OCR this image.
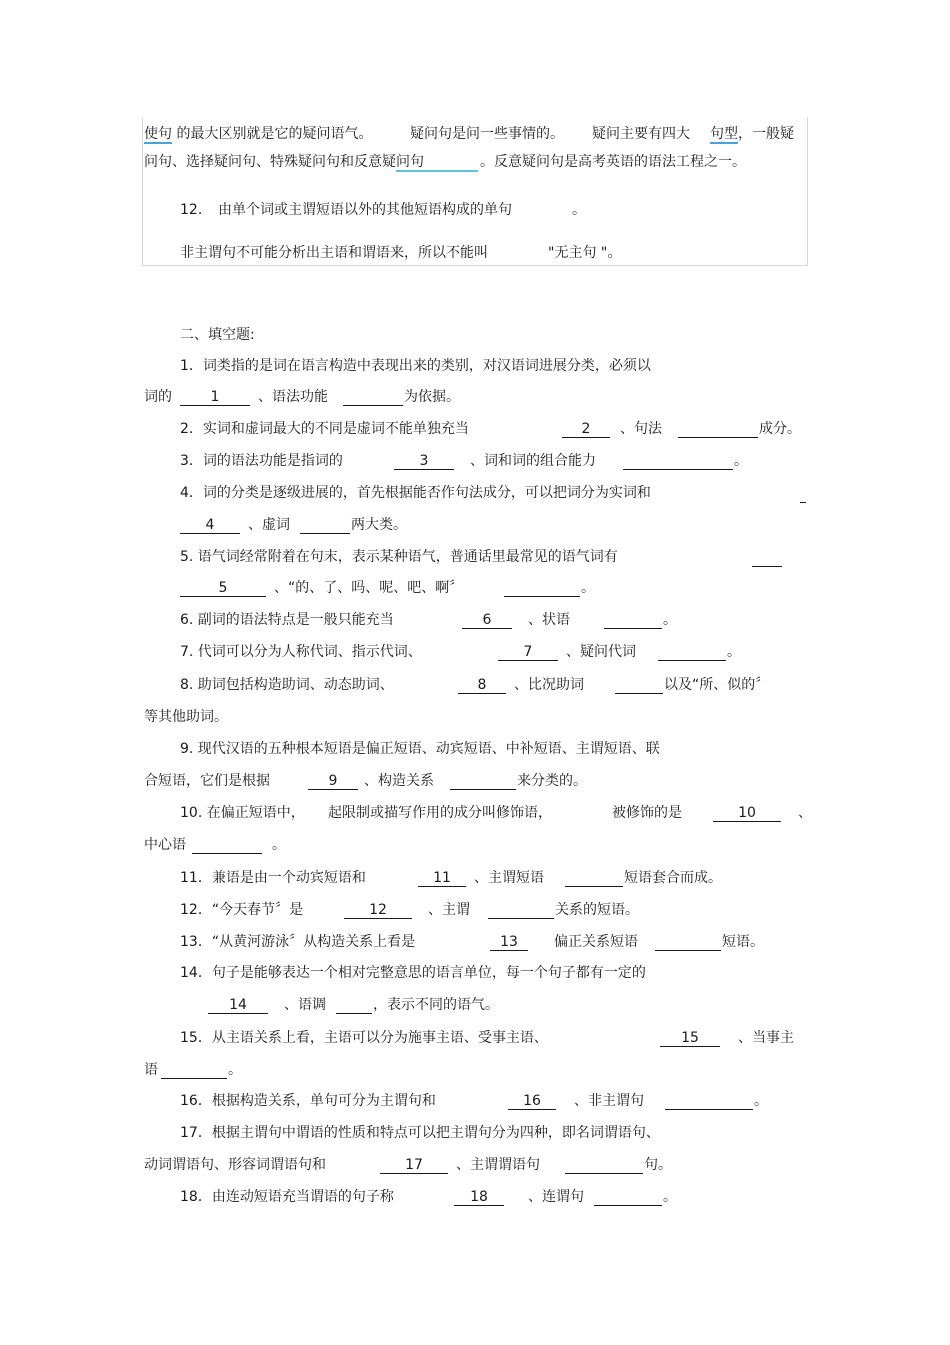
使句 的最大区别就是它的疑问语气。	疑问句是问一些事情的。 疑问主要有四大 句型，一般疑
问句、选择疑问句、特殊疑问句和反意疑问句	。反意疑问句是高考英语的语法工程之一。
12. 由单个词或主谓短语以外的其他短语构成的单句	。
非主谓句不可能分析出主语和谓语来，所以不能叫	"无主句 "。
二、填空题:
1．词类指的是词在语言构造中表现出来的类别，对汉语词进展分类，必须以
词的	1	、语法功能	为依据。
2．实词和虚词最大的不同是虚词不能单独充当	2	、句法	成分。
3．词的语法功能是指词的	3	、词和词的组合能力	。
4．词的分类是逐级进展的，首先根据能否作句法成分，可以把词分为实词和
4	、虚词	两大类。
5. 语气词经常附着在句末，表示某种语气，普通话里最常见的语气词有
5	、“的、了、吗、呢、吧、啊〞	。
6. 副词的语法特点是一般只能充当	6	、状语	。
7. 代词可以分为人称代词、指示代词、	7	、疑问代词	。
8. 助词包括构造助词、动态助词、	8	、比况助词	以及“所、似的〞
等其他助词。
9. 现代汉语的五种根本短语是偏正短语、动宾短语、中补短语、主谓短语、联
合短语，它们是根据	9	、构造关系	来分类的。
10. 在偏正短语中， 起限制或描写作用的成分叫修饰语，	被修饰的是	10	、
中心语	。
11．兼语是由一个动宾短语和	11	、主谓短语	短语套合而成。
12．“今天春节〞是	12	、主谓	关系的短语。
13．“从黄河游泳〞从构造关系上看是	13	偏正关系短语	短语。
14．句子是能够表达一个相对完整意思的语言单位，每一个句子都有一定的
14	、语调	，表示不同的语气。
15．从主语关系上看，主语可以分为施事主语、受事主语、	15	、当事主
语	。
16．根据构造关系，单句可分为主谓句和	16	、非主谓句	。
17．根据主谓句中谓语的性质和特点可以把主谓句分为四种，即名词谓语句、
动词谓语句、形容词谓语句和	17	、主谓谓语句	句。
18．由连动短语充当谓语的句子称	18	、连谓句	。
